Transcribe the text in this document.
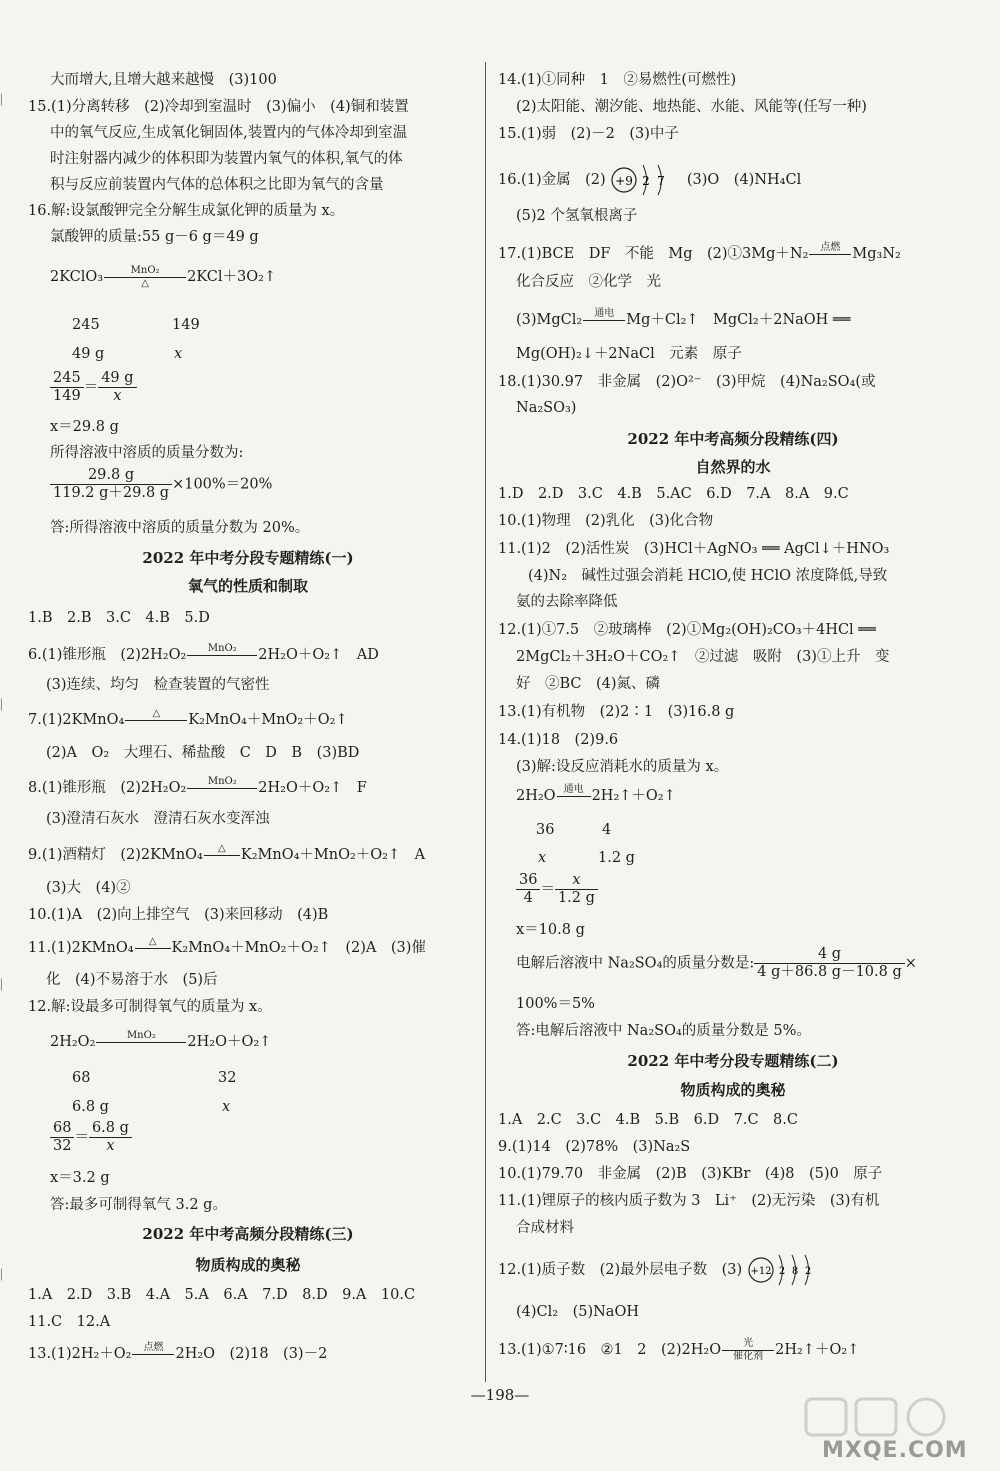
▏
▏
▏
▏
大而增大,且增大越来越慢　(3)100
15.(1)分离转移　(2)冷却到室温时　(3)偏小　(4)铜和装置
中的氧气反应,生成氧化铜固体,装置内的气体冷却到室温
时注射器内减少的体积即为装置内氧气的体积,氧气的体
积与反应前装置内气体的总体积之比即为氧气的含量
16.解:设氯酸钾完全分解生成氯化钾的质量为 x。
氯酸钾的质量:55 g－6 g＝49 g
2KClO₃	MnO₂
△	2KCl＋3O₂↑
245	149
49 g	x
$\frac{245}{149} = \frac{49 g}{x}$
x＝29.8 g
所得溶液中溶质的质量分数为:
$\frac{29.8 g}{119.2 g+29.8 g} \times 100\%=20\%$
答:所得溶液中溶质的质量分数为 20%。
2022 年中考分段专题精练(一)
氧气的性质和制取
1.B　2.B　3.C　4.B　5.D
6.(1)锥形瓶　(2)2H₂O₂	MnO₂
	2H₂O＋O₂↑　AD
(3)连续、均匀　检查装置的气密性
7.(1)2KMnO₄	△
	K₂MnO₄＋MnO₂＋O₂↑
(2)A　O₂　大理石、稀盐酸　C　D　B　(3)BD
8.(1)锥形瓶　(2)2H₂O₂	MnO₂
	2H₂O＋O₂↑　F
(3)澄清石灰水　澄清石灰水变浑浊
9.(1)酒精灯　(2)2KMnO₄	△
	K₂MnO₄＋MnO₂＋O₂↑　A
(3)大　(4)②
10.(1)A　(2)向上排空气　(3)来回移动　(4)B
11.(1)2KMnO₄	△
	K₂MnO₄＋MnO₂＋O₂↑　(2)A　(3)催
化　(4)不易溶于水　(5)后
12.解:设最多可制得氧气的质量为 x。
2H₂O₂	MnO₂
	2H₂O＋O₂↑
68	32
6.8 g	x
$\frac{68}{32} = \frac{6.8 g}{x}$
x＝3.2 g
答:最多可制得氧气 3.2 g。
2022 年中考高频分段精练(三)
物质构成的奥秘
1.A　2.D　3.B　4.A　5.A　6.A　7.D　8.D　9.A　10.C
11.C　12.A
13.(1)2H₂＋O₂	点燃
2H₂O　(2)18　(3)－2
14.(1)①同种　1　②易燃性(可燃性)
(2)太阳能、潮汐能、地热能、水能、风能等(任写一种)
15.(1)弱　(2)－2　(3)中子
16.(1)金属　(2) +9 2 7 (3)O　(4)NH₄Cl
(5)2 个氢氧根离子
17.(1)BCE　DF　不能　Mg　(2)①3Mg＋N₂	点燃
Mg₃N₂
化合反应　②化学　光
(3)MgCl₂	通电
Mg＋Cl₂↑　MgCl₂＋2NaOH ══
Mg(OH)₂↓＋2NaCl　元素　原子
18.(1)30.97　非金属　(2)O²⁻　(3)甲烷　(4)Na₂SO₄(或
Na₂SO₃)
2022 年中考高频分段精练(四)
自然界的水
1.D　2.D　3.C　4.B　5.AC　6.D　7.A　8.A　9.C
10.(1)物理　(2)乳化　(3)化合物
11.(1)2　(2)活性炭　(3)HCl＋AgNO₃ ══ AgCl↓＋HNO₃
(4)N₂　碱性过强会消耗 HClO,使 HClO 浓度降低,导致
氨的去除率降低
12.(1)①7.5　②玻璃棒　(2)①Mg₂(OH)₂CO₃＋4HCl ══
2MgCl₂＋3H₂O＋CO₂↑　②过滤　吸附　(3)①上升　变
好　②BC　(4)氮、磷
13.(1)有机物　(2)2∶1　(3)16.8 g
14.(1)18　(2)9.6
(3)解:设反应消耗水的质量为 x。
2H₂O 通电
2H₂↑＋O₂↑
36	4
x	1.2 g
$\frac{36}{4} = \frac{x}{1.2 g}$
x＝10.8 g
电解后溶液中 Na₂SO₄的质量分数是: $\frac{4 g}{4 g+86.8 g-10.8 g}$ ×
100%＝5%
答:电解后溶液中 Na₂SO₄的质量分数是 5%。
2022 年中考分段专题精练(二)
物质构成的奥秘
1.A　2.C　3.C　4.B　5.B　6.D　7.C　8.C
9.(1)14　(2)78%　(3)Na₂S
10.(1)79.70　非金属　(2)B　(3)KBr　(4)8　(5)0　原子
11.(1)锂原子的核内质子数为 3　Li⁺　(2)无污染　(3)有机
合成材料
12.(1)质子数　(2)最外层电子数　(3) +12 2 8 2
(4)Cl₂　(5)NaOH
13.(1)①7∶16　②1　2　(2)2H₂O	光
催化剂 2H₂↑＋O₂↑
—198—
MXQE.COM
